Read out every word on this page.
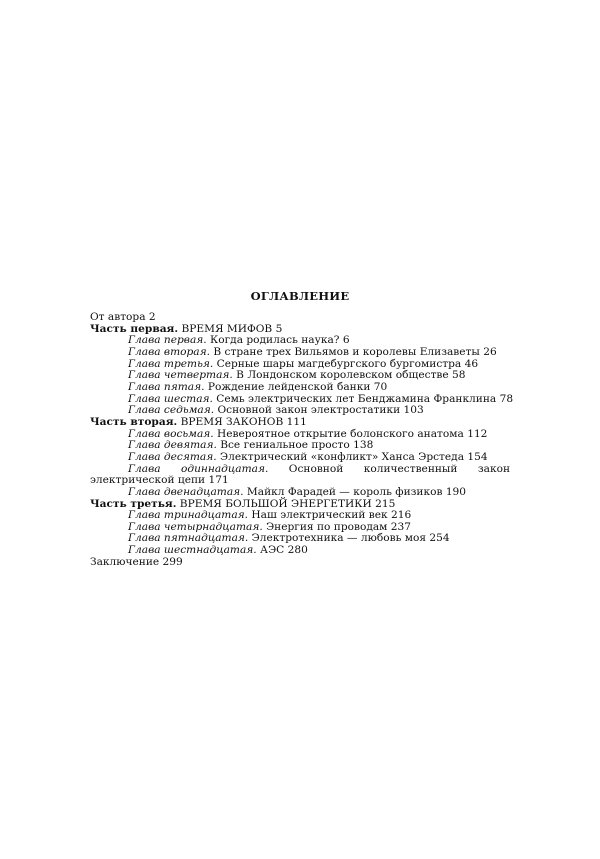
ОГЛАВЛЕНИЕ
От автора 2
Часть первая. ВРЕМЯ МИФОВ 5
Глава первая. Когда родилась наука? 6
Глава вторая. В стране трех Вильямов и королевы Елизаветы 26
Глава третья. Серные шары магдебургского бургомистра 46
Глава четвертая. В Лондонском королевском обществе 58
Глава пятая. Рождение лейденской банки 70
Глава шестая. Семь электрических лет Бенджамина Франклина 78
Глава седьмая. Основной закон электростатики 103
Часть вторая. ВРЕМЯ ЗАКОНОВ 111
Глава восьмая. Невероятное открытие болонского анатома 112
Глава девятая. Все гениальное просто 138
Глава десятая. Электрический «конфликт» Ханса Эрстеда 154
Глава одиннадцатая. Основной количественный закон электрической цепи 171
Глава двенадцатая. Майкл Фарадей — король физиков 190
Часть третья. ВРЕМЯ БОЛЬШОЙ ЭНЕРГЕТИКИ 215
Глава тринадцатая. Наш электрический век 216
Глава четырнадцатая. Энергия по проводам 237
Глава пятнадцатая. Электротехника — любовь моя 254
Глава шестнадцатая. АЭС 280
Заключение 299
